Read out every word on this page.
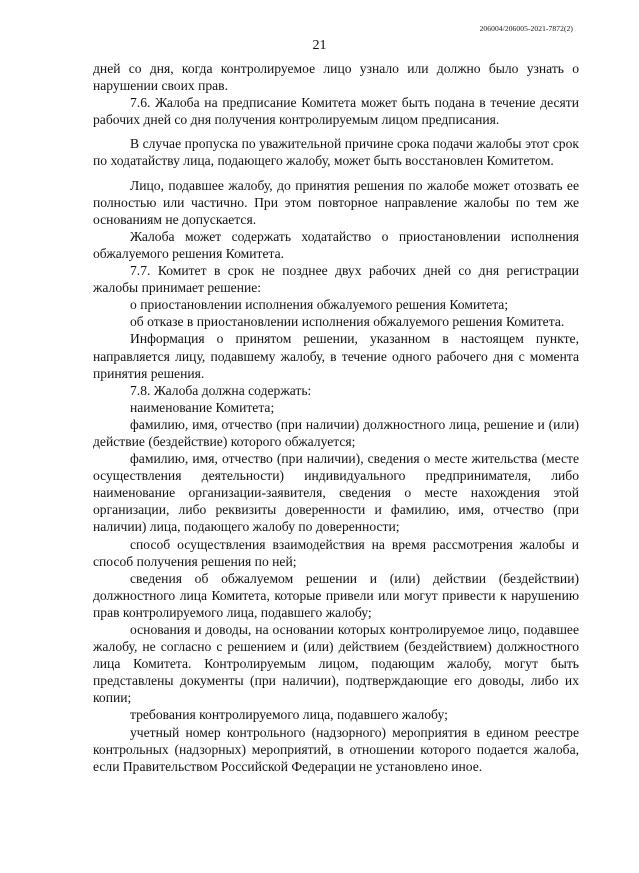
206004/206005-2021-7872(2)
21

дней со дня, когда контролируемое лицо узнало или должно было узнать о нарушении своих прав.

7.6. Жалоба на предписание Комитета может быть подана в течение десяти рабочих дней со дня получения контролируемым лицом предписания.

В случае пропуска по уважительной причине срока подачи жалобы этот срок по ходатайству лица, подающего жалобу, может быть восстановлен Комитетом.

Лицо, подавшее жалобу, до принятия решения по жалобе может отозвать ее полностью или частично. При этом повторное направление жалобы по тем же основаниям не допускается.

Жалоба может содержать ходатайство о приостановлении исполнения обжалуемого решения Комитета.

7.7. Комитет в срок не позднее двух рабочих дней со дня регистрации жалобы принимает решение:

о приостановлении исполнения обжалуемого решения Комитета;

об отказе в приостановлении исполнения обжалуемого решения Комитета.

Информация о принятом решении, указанном в настоящем пункте, направляется лицу, подавшему жалобу, в течение одного рабочего дня с момента принятия решения.

7.8. Жалоба должна содержать:

наименование Комитета;

фамилию, имя, отчество (при наличии) должностного лица, решение и (или) действие (бездействие) которого обжалуется;

фамилию, имя, отчество (при наличии), сведения о месте жительства (месте осуществления деятельности) индивидуального предпринимателя, либо наименование организации-заявителя, сведения о месте нахождения этой организации, либо реквизиты доверенности и фамилию, имя, отчество (при наличии) лица, подающего жалобу по доверенности;

способ осуществления взаимодействия на время рассмотрения жалобы и способ получения решения по ней;

сведения об обжалуемом решении и (или) действии (бездействии) должностного лица Комитета, которые привели или могут привести к нарушению прав контролируемого лица, подавшего жалобу;

основания и доводы, на основании которых контролируемое лицо, подавшее жалобу, не согласно с решением и (или) действием (бездействием) должностного лица Комитета. Контролируемым лицом, подающим жалобу, могут быть представлены документы (при наличии), подтверждающие его доводы, либо их копии;

требования контролируемого лица, подавшего жалобу;

учетный номер контрольного (надзорного) мероприятия в едином реестре контрольных (надзорных) мероприятий, в отношении которого подается жалоба, если Правительством Российской Федерации не установлено иное.
